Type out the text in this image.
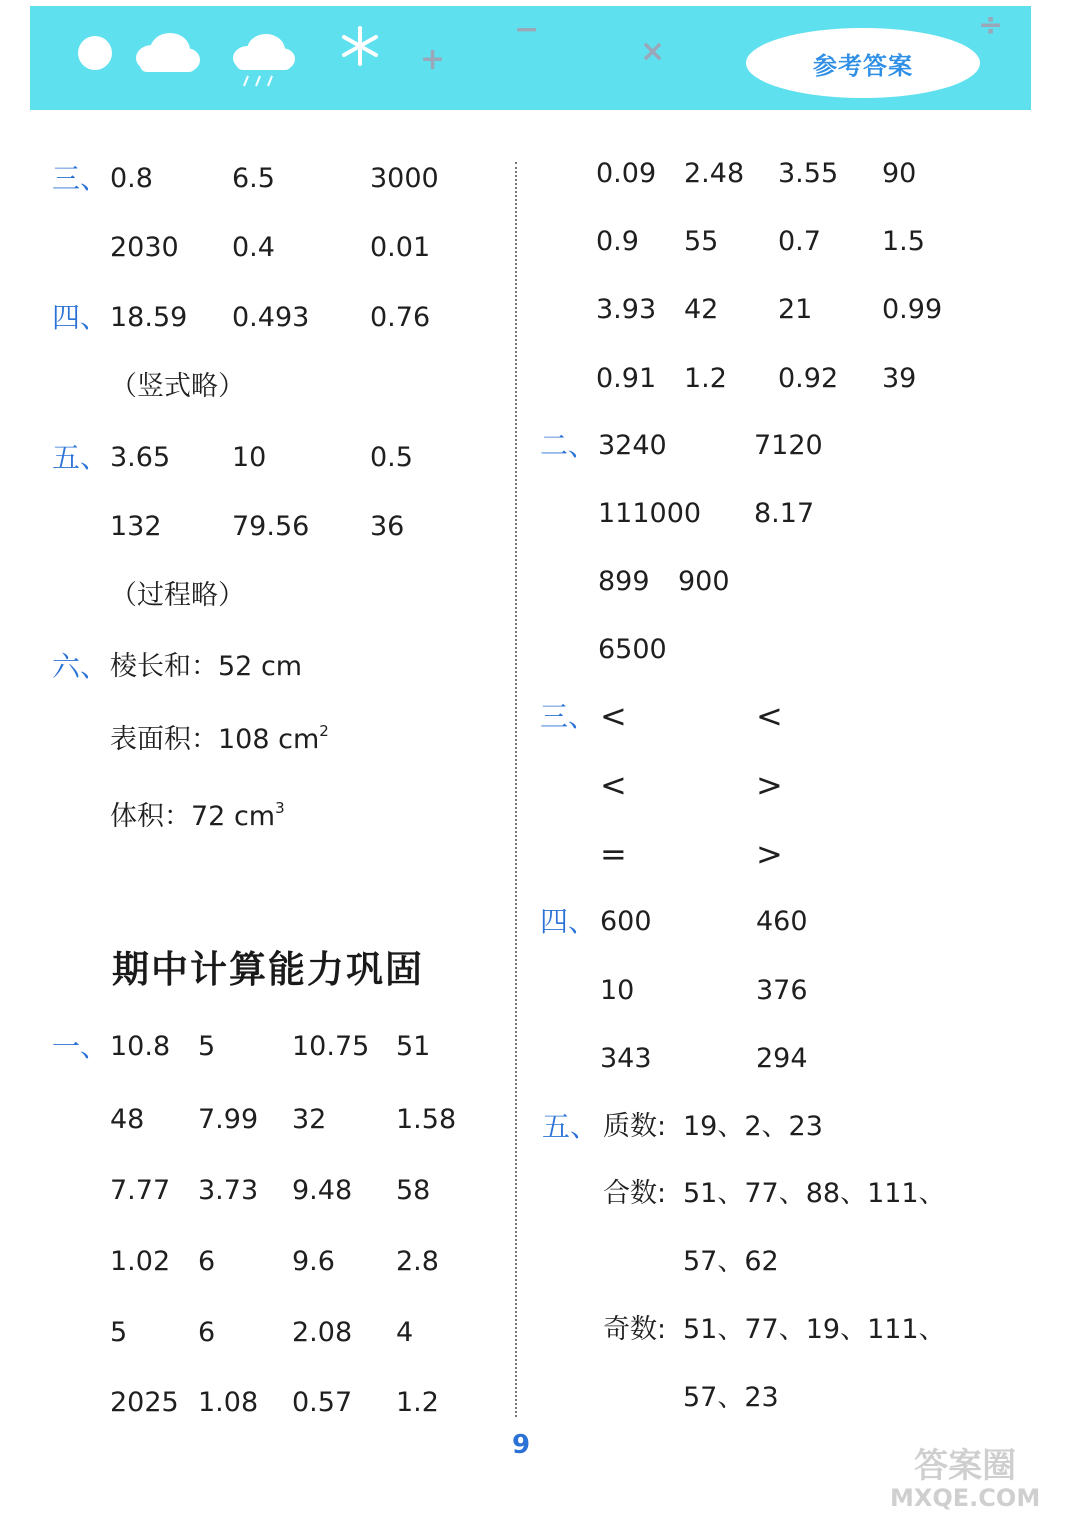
+
−
×
÷
参考答案
三、 0.8	6.5	3000
2030 0.4	0.01
四、 18.59 0.493 0.76
（竖式略）
五、 3.65 10	0.5
132	79.56 36
（过程略）
六、 棱长和：52 cm
表面积：108 $cm^2$
体积：72 $cm^3$
期中计算能力巩固
一、 10.8 5	10.75 51
48 7.99 32	1.58
7.77 3.73 9.48 58
1.02 6	9.6 2.8
5	6	2.08 4
2025 1.08 0.57 1.2
0.09 2.48 3.55 90
0.9 55 0.7 1.5
3.93 42 21	0.99
0.91 1.2 0.92 39
二、 3240	7120
111000 8.17
899 900
6500
三、 <	<
<	>
=	>
四、 600	460
10	376
343	294
五、 质数: 19、2、23
合数: 51、77、88、111、
57、62
奇数: 51、77、19、111、
57、23
9
答案圈
MXQE.COM
